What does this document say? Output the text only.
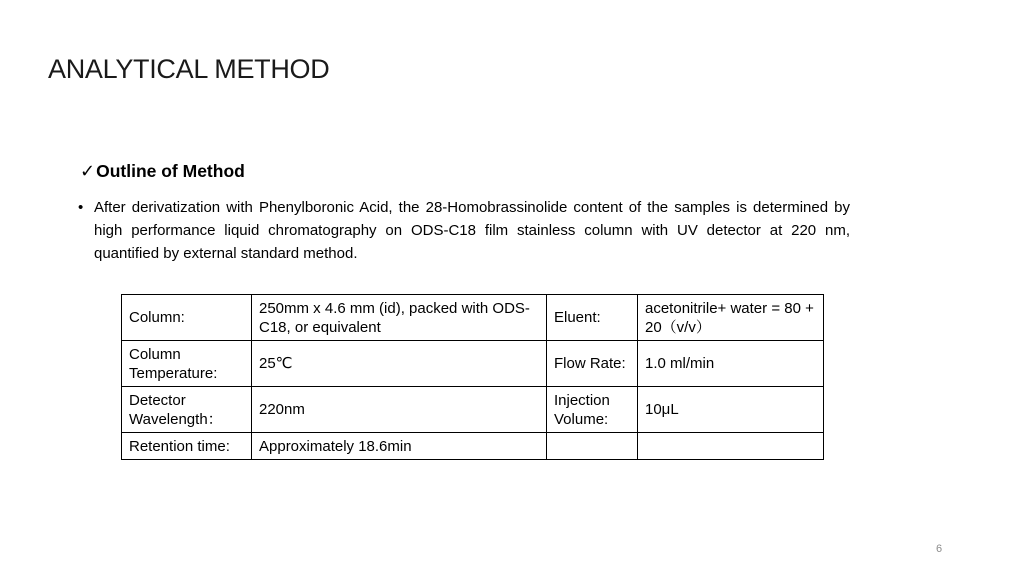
ANALYTICAL METHOD
✓ Outline of Method
• After derivatization with Phenylboronic Acid, the 28-Homobrassinolide content of the samples is determined by high performance liquid chromatography on ODS-C18 film stainless column with UV detector at 220 nm, quantified by external standard method.
Column:	250mm x 4.6 mm (id), packed with ODS-C18, or equivalent	Eluent:	acetonitrile+ water = 80 + 20（v/v）
Column Temperature:	25℃	Flow Rate:	1.0 ml/min
Detector Wavelength：	220nm	Injection Volume:	10μL
Retention time:	Approximately 18.6min		
6
